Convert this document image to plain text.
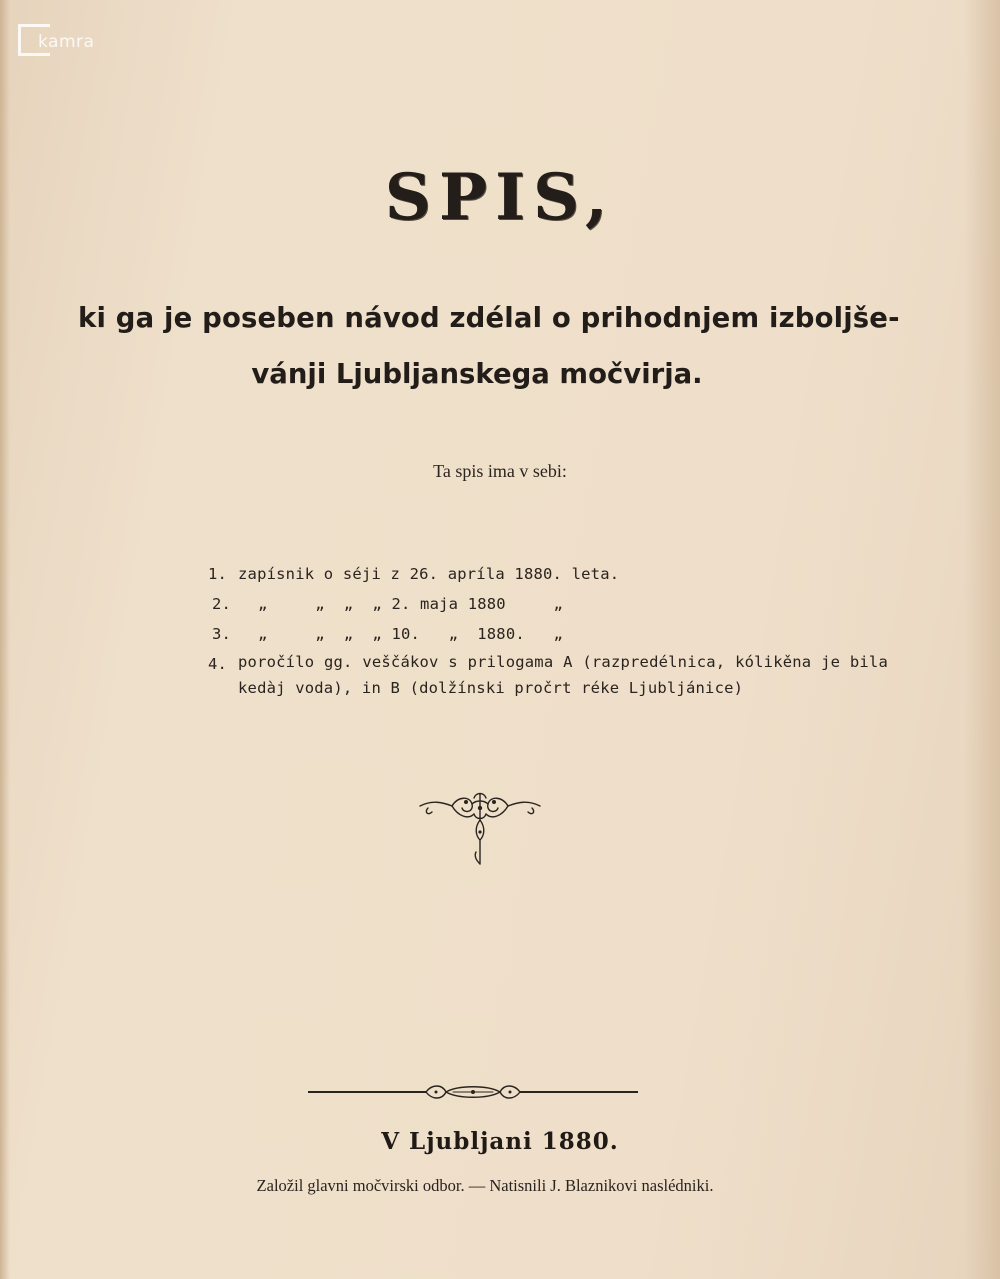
kamra
SPIS,
ki ga je poseben návod zdélal o prihodnjem izboljše-
vánji Ljubljanskega močvirja.
Ta spis ima v sebi:
1. zapísnik o séji z 26. apríla 1880. leta.
2.	„     „  „  „ 2. maja 1880     „
3.	„     „  „  „ 10.   „  1880.   „
4. poročílo gg. veščákov s prilogama A (razpredélnica, kólikěna je bila kedàj voda), in B (dolžínski pročrt réke Ljubljánice)
V Ljubljani 1880.
Založil glavni močvirski odbor. — Natisnili J. Blaznikovi naslédniki.
